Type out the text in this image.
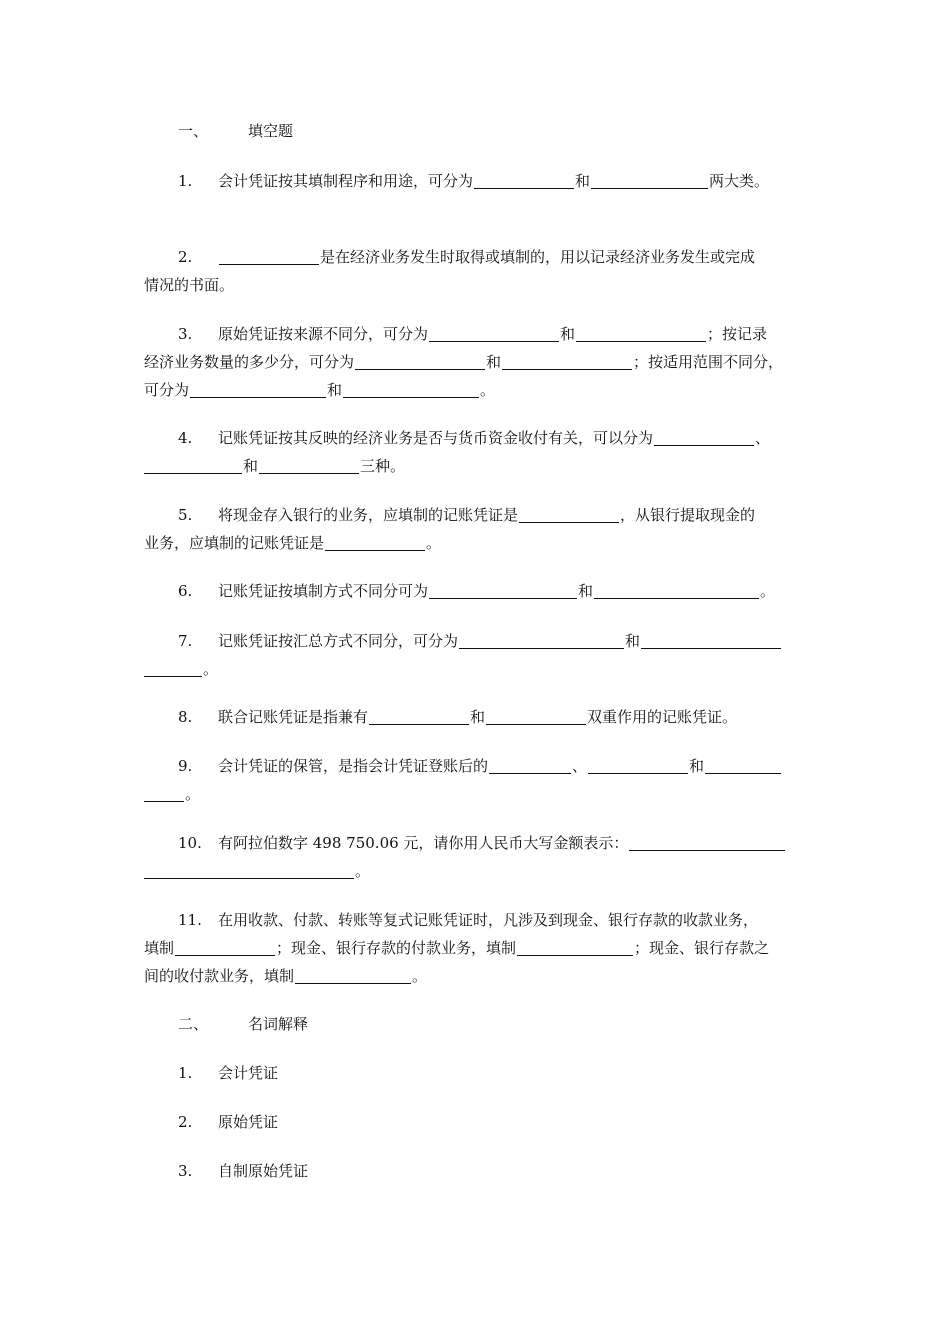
一、	填空题
1. 会计凭证按其填制程序和用途，可分为	和	两大类。
2.	是在经济业务发生时取得或填制的，用以记录经济业务发生或完成
情况的书面。
3. 原始凭证按来源不同分，可分为	和	；按记录
经济业务数量的多少分，可分为	和	；按适用范围不同分，
可分为	和	。
4. 记账凭证按其反映的经济业务是否与货币资金收付有关，可以分为	、
和	三种。
5. 将现金存入银行的业务，应填制的记账凭证是	，从银行提取现金的
业务，应填制的记账凭证是	。
6. 记账凭证按填制方式不同分可为	和	。
7. 记账凭证按汇总方式不同分，可分为	和
。
8. 联合记账凭证是指兼有	和	双重作用的记账凭证。
9. 会计凭证的保管，是指会计凭证登账后的	、	和
。
10. 有阿拉伯数字 498 750.06 元，请你用人民币大写金额表示：
。
11. 在用收款、付款、转账等复式记账凭证时，凡涉及到现金、银行存款的收款业务，
填制	；现金、银行存款的付款业务，填制	；现金、银行存款之
间的收付款业务，填制	。
二、	名词解释
1. 会计凭证
2. 原始凭证
3. 自制原始凭证
